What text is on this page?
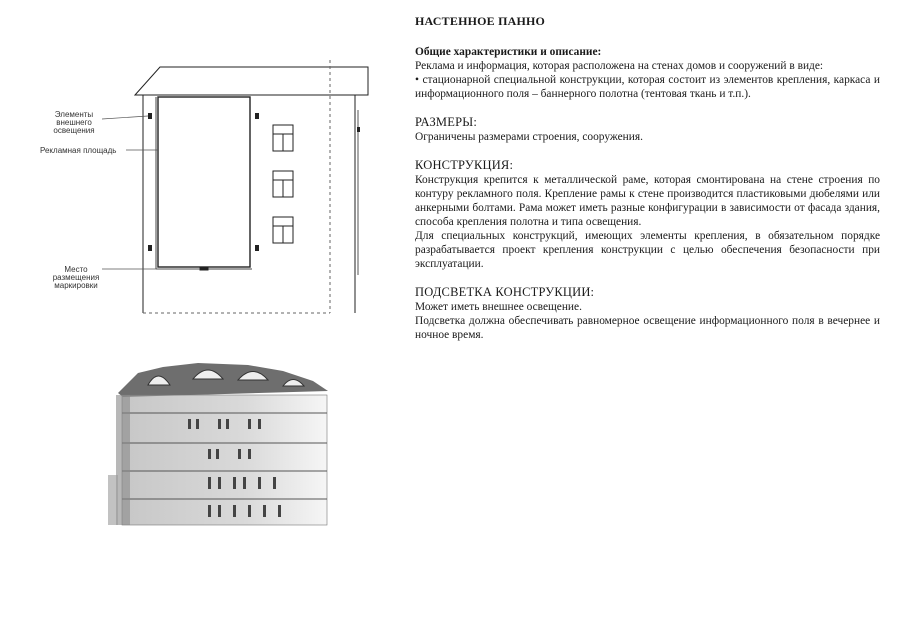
Элементы внешнего освещения
Рекламная площадь
Место размещения маркировки
НАСТЕННОЕ ПАННО
Общие характеристики и описание:

Реклама и информация, которая расположена на стенах домов и сооружений в виде:

• стационарной специальной конструкции, которая состоит из элементов крепления, каркаса и информационного поля – баннерного полотна (тентовая ткань и т.п.).

РАЗМЕРЫ:

Ограничены размерами строения, сооружения.

КОНСТРУКЦИЯ:

Конструкция крепится к металлической раме, которая смонтирована на стене строения по контуру рекламного поля. Крепление рамы к стене производится пластиковыми дюбелями или анкерными болтами. Рама может иметь разные конфигурации в зависимости от фасада здания, способа крепления полотна и типа освещения.

Для специальных конструкций, имеющих элементы крепления, в обязательном порядке разрабатывается проект крепления конструкции с целью обеспечения безопасности при эксплуатации.

ПОДСВЕТКА КОНСТРУКЦИИ:

Может иметь внешнее освещение.

Подсветка должна обеспечивать равномерное освещение информационного поля в вечернее и ночное время.
